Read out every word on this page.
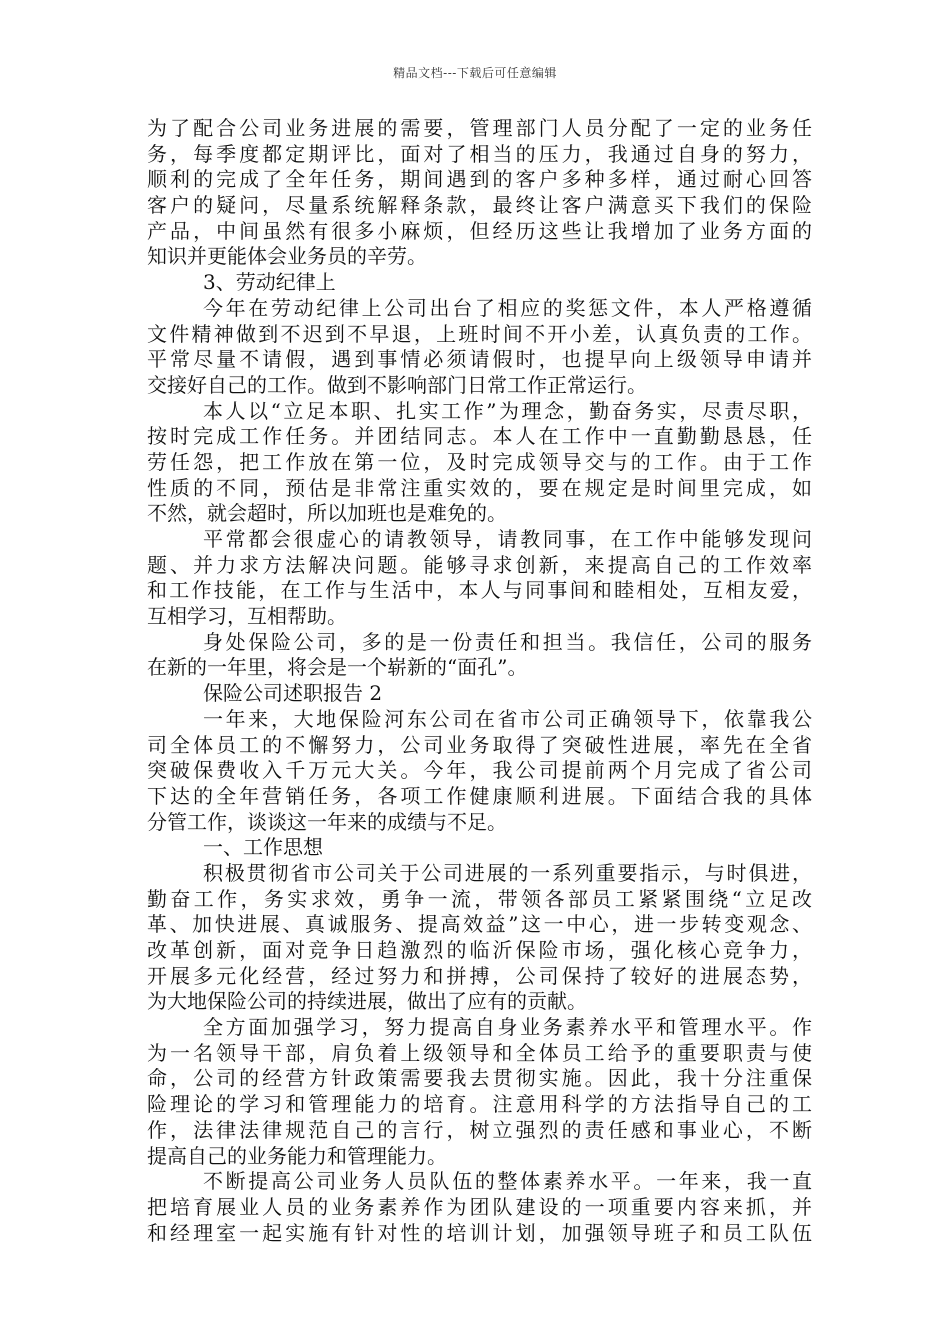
精品文档---下载后可任意编辑
为了配合公司业务进展的需要，管理部门人员分配了一定的业务任
务，每季度都定期评比，面对了相当的压力，我通过自身的努力，
顺利的完成了全年任务，期间遇到的客户多种多样，通过耐心回答
客户的疑问，尽量系统解释条款，最终让客户满意买下我们的保险
产品，中间虽然有很多小麻烦，但经历这些让我增加了业务方面的
知识并更能体会业务员的辛劳。
3、劳动纪律上
今年在劳动纪律上公司出台了相应的奖惩文件，本人严格遵循
文件精神做到不迟到不早退，上班时间不开小差，认真负责的工作。
平常尽量不请假，遇到事情必须请假时，也提早向上级领导申请并
交接好自己的工作。做到不影响部门日常工作正常运行。
本人以“立足本职、扎实工作”为理念，勤奋务实，尽责尽职，
按时完成工作任务。并团结同志。本人在工作中一直勤勤恳恳，任
劳任怨，把工作放在第一位，及时完成领导交与的工作。由于工作
性质的不同，预估是非常注重实效的，要在规定是时间里完成，如
不然，就会超时，所以加班也是难免的。
平常都会很虚心的请教领导，请教同事，在工作中能够发现问
题、并力求方法解决问题。能够寻求创新，来提高自己的工作效率
和工作技能，在工作与生活中，本人与同事间和睦相处，互相友爱，
互相学习，互相帮助。
身处保险公司，多的是一份责任和担当。我信任，公司的服务
在新的一年里，将会是一个崭新的“面孔”。
保险公司述职报告 2
一年来，大地保险河东公司在省市公司正确领导下，依靠我公
司全体员工的不懈努力，公司业务取得了突破性进展，率先在全省
突破保费收入千万元大关。今年，我公司提前两个月完成了省公司
下达的全年营销任务，各项工作健康顺利进展。下面结合我的具体
分管工作，谈谈这一年来的成绩与不足。
一、工作思想
积极贯彻省市公司关于公司进展的一系列重要指示，与时俱进，
勤奋工作，务实求效，勇争一流，带领各部员工紧紧围绕“立足改
革、加快进展、真诚服务、提高效益”这一中心，进一步转变观念、
改革创新，面对竞争日趋激烈的临沂保险市场，强化核心竞争力，
开展多元化经营，经过努力和拼搏，公司保持了较好的进展态势，
为大地保险公司的持续进展，做出了应有的贡献。
全方面加强学习，努力提高自身业务素养水平和管理水平。作
为一名领导干部，肩负着上级领导和全体员工给予的重要职责与使
命，公司的经营方针政策需要我去贯彻实施。因此，我十分注重保
险理论的学习和管理能力的培育。注意用科学的方法指导自己的工
作，法律法律规范自己的言行，树立强烈的责任感和事业心，不断
提高自己的业务能力和管理能力。
不断提高公司业务人员队伍的整体素养水平。一年来，我一直
把培育展业人员的业务素养作为团队建设的一项重要内容来抓，并
和经理室一起实施有针对性的培训计划，加强领导班子和员工队伍
